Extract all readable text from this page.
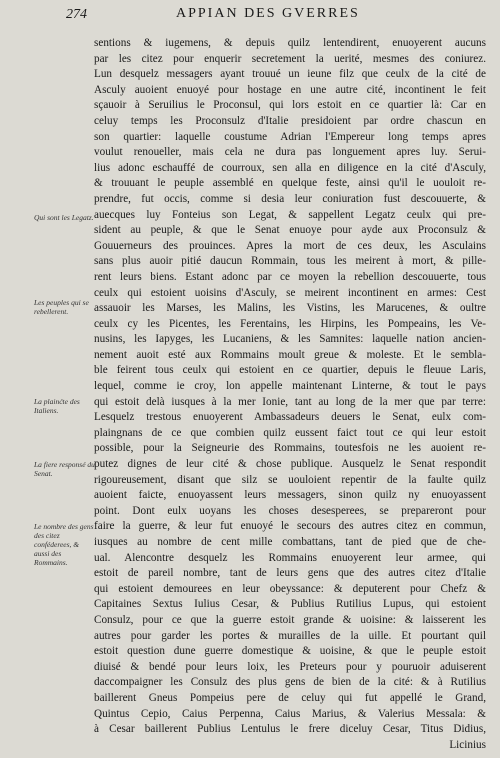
274	APPIAN DES GVERRES
Qui sont les Legatz.
Les peuples qui se rebellerent.
La plainćte des Italiens.
La fiere responsé du Senat.
Le nombre des gens des citez conféderees, & aussi des Rommains.
sentions & iugemens, & depuis quilz lentendirent, enuoyerent aucuns
par les citez pour enquerir secretement la uerité, mesmes des coniurez.
Lun desquelz messagers ayant trouué un ieune filz que ceulx de la cité de
Asculy auoient enuoyé pour hostage en une autre cité, incontinent le feit
sçauoir à Seruilius le Proconsul, qui lors estoit en ce quartier là: Car en
celuy temps les Proconsulz d'Italie presidoient par ordre chascun en
son quartier: laquelle coustume Adrian l'Empereur long temps apres
voulut renoueller, mais cela ne dura pas longuement apres luy. Serui-
lius adonc eschauffé de courroux, sen alla en diligence en la cité d'Asculy,
& trouuant le peuple assemblé en quelque feste, ainsi qu'il le uouloit re-
prendre, fut occis, comme si desia leur coniuration fust descouuerte, &
auecques luy Fonteius son Legat, & sappellent Legatz ceulx qui pre-
sident au peuple, & que le Senat enuoye pour ayde aux Proconsulz &
Gouuerneurs des prouinces. Apres la mort de ces deux, les Asculains
sans plus auoir pitié daucun Rommain, tous les meirent à mort, & pille-
rent leurs biens. Estant adonc par ce moyen la rebellion descouuerte, tous
ceulx qui estoient uoisins d'Asculy, se meirent incontinent en armes: Cest
assauoir les Marses, les Malins, les Vistins, les Marucenes, & oultre
ceulx cy les Picentes, les Ferentains, les Hirpins, les Pompeains, les Ve-
nusins, les Iapyges, les Lucaniens, & les Samnites: laquelle nation ancien-
nement auoit esté aux Rommains moult greue & moleste. Et le sembla-
ble feirent tous ceulx qui estoient en ce quartier, depuis le fleuue Laris,
lequel, comme ie croy, lon appelle maintenant Linterne, & tout le pays
qui estoit delà iusques à la mer Ionie, tant au long de la mer que par terre:
Lesquelz trestous enuoyerent Ambassadeurs deuers le Senat, eulx com-
plaingnans de ce que combien quilz eussent faict tout ce qui leur estoit
possible, pour la Seigneurie des Rommains, toutesfois ne les auoient re-
putez dignes de leur cité & chose publique. Ausquelz le Senat respondit
rigoureusement, disant que silz se uouloient repentir de la faulte quilz
auoient faicte, enuoyassent leurs messagers, sinon quilz ny enuoyassent
point. Dont eulx uoyans les choses desesperees, se prepareront pour
faire la guerre, & leur fut enuoyé le secours des autres citez en commun,
iusques au nombre de cent mille combattans, tant de pied que de che-
ual. Alencontre desquelz les Rommains enuoyerent leur armee, qui
estoit de pareil nombre, tant de leurs gens que des autres citez d'Italie
qui estoient demourees en leur obeyssance: & deputerent pour Chefz &
Capitaines Sextus Iulius Cesar, & Publius Rutilius Lupus, qui estoient
Consulz, pour ce que la guerre estoit grande & uoisine: & laisserent les
autres pour garder les portes & murailles de la uille. Et pourtant quil
estoit question dune guerre domestique & uoisine, & que le peuple estoit
diuisé & bendé pour leurs loix, les Preteurs pour y pouruoir aduiserent
daccompaigner les Consulz des plus gens de bien de la cité: & à Rutilius
baillerent Gneus Pompeius pere de celuy qui fut appellé le Grand,
Quintus Cepio, Caius Perpenna, Caius Marius, & Valerius Messala: &
à Cesar baillerent Publius Lentulus le frere diceluy Cesar, Titus Didius,
Licinius
